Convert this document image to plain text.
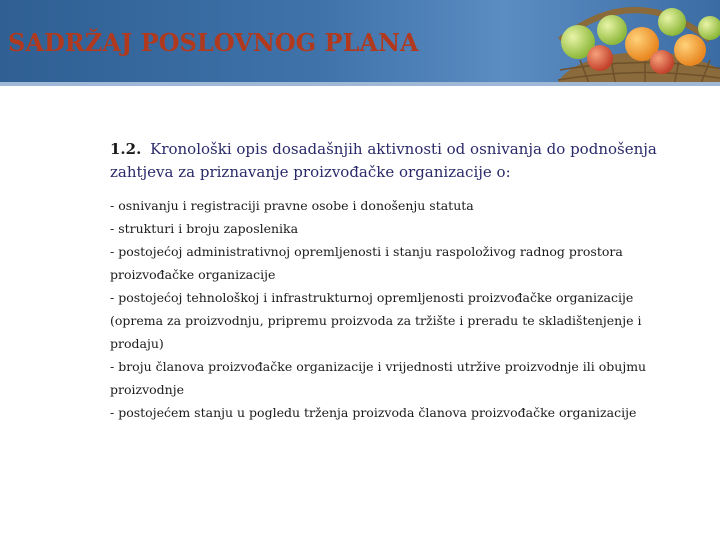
SADRŽAJ POSLOVNOG PLANA

1.2. Kronološki opis dosadašnjih aktivnosti od osnivanja do podnošenja zahtjeva za priznavanje proizvođačke organizacije o:

- osnivanju i registraciji pravne osobe i donošenju statuta
- strukturi i broju zaposlenika
- postojećoj administrativnoj opremljenosti i stanju raspoloživog radnog prostora proizvođačke organizacije
- postojećoj tehnološkoj i infrastrukturnoj opremljenosti proizvođačke organizacije (oprema za proizvodnju, pripremu proizvoda za tržište i preradu te skladištenjenje i prodaju)
- broju članova proizvođačke organizacije i vrijednosti utržive proizvodnje ili obujmu proizvodnje
- postojećem stanju u pogledu trženja proizvoda članova proizvođačke organizacije
